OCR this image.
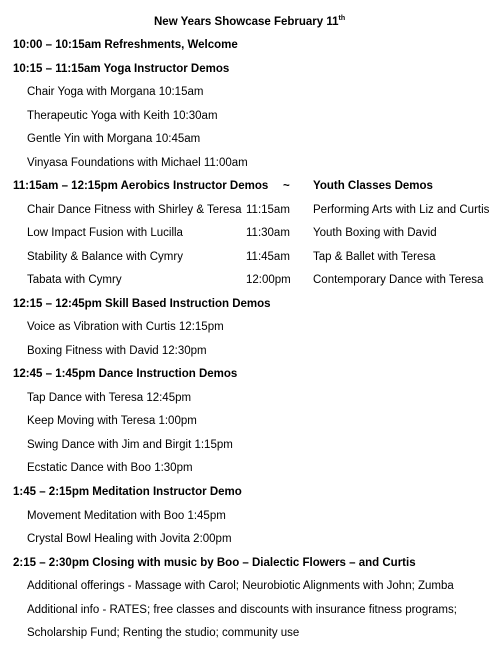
New Years Showcase February 11th
10:00 – 10:15am Refreshments, Welcome
10:15 – 11:15am Yoga Instructor Demos
Chair Yoga with Morgana 10:15am
Therapeutic Yoga with Keith 10:30am
Gentle Yin with Morgana 10:45am
Vinyasa Foundations with Michael 11:00am
11:15am – 12:15pm Aerobics Instructor Demos ~ Youth Classes Demos
Chair Dance Fitness with Shirley & Teresa 11:15am Performing Arts with Liz and Curtis
Low Impact Fusion with Lucilla	11:30am Youth Boxing with David
Stability & Balance with Cymry	11:45am Tap & Ballet with Teresa
Tabata with Cymry	12:00pm Contemporary Dance with Teresa
12:15 – 12:45pm Skill Based Instruction Demos
Voice as Vibration with Curtis 12:15pm
Boxing Fitness with David 12:30pm
12:45 – 1:45pm Dance Instruction Demos
Tap Dance with Teresa 12:45pm
Keep Moving with Teresa 1:00pm
Swing Dance with Jim and Birgit 1:15pm
Ecstatic Dance with Boo 1:30pm
1:45 – 2:15pm Meditation Instructor Demo
Movement Meditation with Boo 1:45pm
Crystal Bowl Healing with Jovita 2:00pm
2:15 – 2:30pm Closing with music by Boo – Dialectic Flowers – and Curtis
Additional offerings - Massage with Carol; Neurobiotic Alignments with John; Zumba
Additional info - RATES; free classes and discounts with insurance fitness programs;
Scholarship Fund; Renting the studio; community use
